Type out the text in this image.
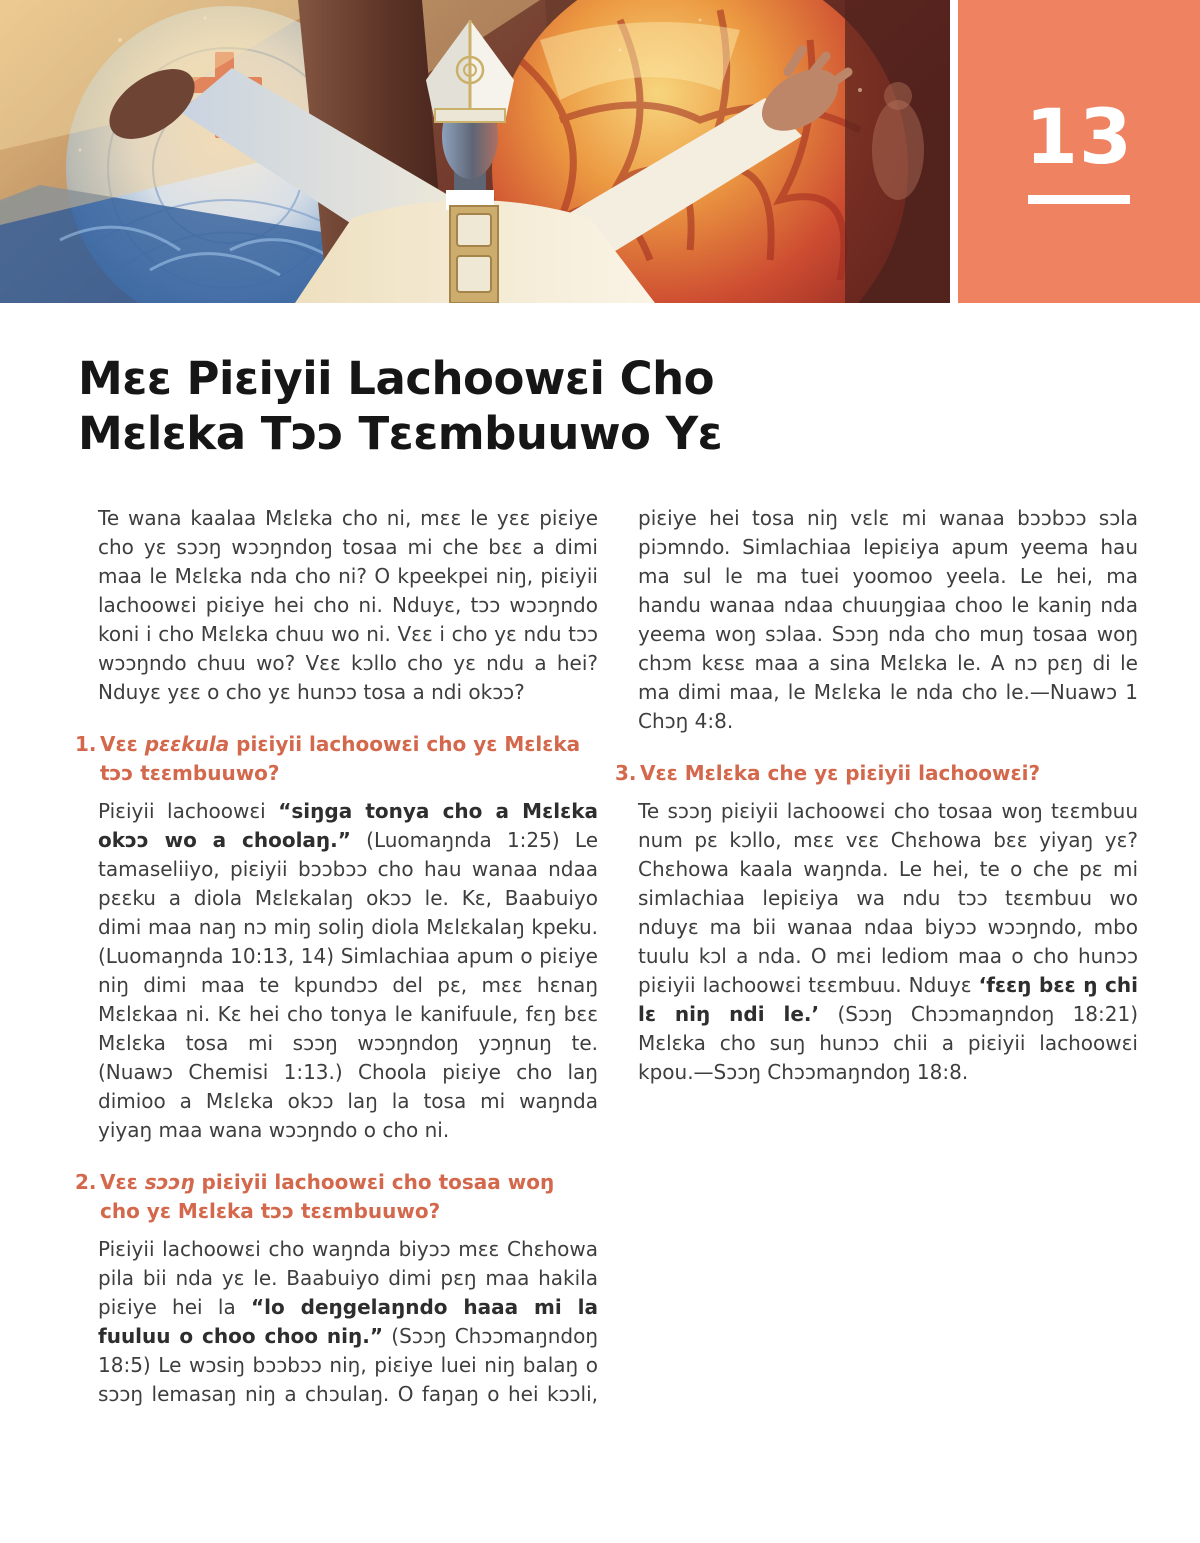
13
Mɛɛ Piɛiyii Lachoowɛi Cho
Mɛlɛka Tɔɔ Tɛɛmbuuwo Yɛ

Te wana kaalaa Mɛlɛka cho ni, mɛɛ le yɛɛ piɛiye cho yɛ sɔɔŋ wɔɔŋndoŋ tosaa mi che bɛɛ a dimi maa le Mɛlɛka nda cho ni? O kpeekpei niŋ, piɛiyii lachoowɛi piɛiye hei cho ni. Nduyɛ, tɔɔ wɔɔŋndo koni i cho Mɛlɛka chuu wo ni. Vɛɛ i cho yɛ ndu tɔɔ wɔɔŋndo chuu wo? Vɛɛ kɔllo cho yɛ ndu a hei? Nduyɛ yɛɛ o cho yɛ hunɔɔ tosa a ndi okɔɔ?

1. Vɛɛ pɛɛkula piɛiyii lachoowɛi cho yɛ Mɛlɛka tɔɔ tɛɛmbuuwo?

Piɛiyii lachoowɛi “siŋga tonya cho a Mɛlɛka okɔɔ wo a choolaŋ.” (Luomaŋnda 1:25) Le tamaseliiyo, piɛiyii bɔɔbɔɔ cho hau wanaa ndaa pɛɛku a diola Mɛlɛkalaŋ okɔɔ le. Kɛ, Baabuiyo dimi maa naŋ nɔ miŋ soliŋ diola Mɛlɛkalaŋ kpeku. (Luomaŋnda 10:13, 14) Simlachiaa apum o piɛiye niŋ dimi maa te kpundɔɔ del pɛ, mɛɛ hɛnaŋ Mɛlɛkaa ni. Kɛ hei cho tonya le kanifuule, fɛŋ bɛɛ Mɛlɛka tosa mi sɔɔŋ wɔɔŋndoŋ yɔŋnuŋ te. (Nuawɔ Chemisi 1:13.) Choola piɛiye cho laŋ dimioo a Mɛlɛka okɔɔ laŋ la tosa mi waŋnda yiyaŋ maa wana wɔɔŋndo o cho ni.

2. Vɛɛ sɔɔŋ piɛiyii lachoowɛi cho tosaa woŋ cho yɛ Mɛlɛka tɔɔ tɛɛmbuuwo?

Piɛiyii lachoowɛi cho waŋnda biyɔɔ mɛɛ Chɛhowa pila bii nda yɛ le. Baabuiyo dimi pɛŋ maa hakila piɛiye hei la “lo deŋgelaŋndo haaa mi la fuuluu o choo choo niŋ.” (Sɔɔŋ Chɔɔmaŋndoŋ 18:5) Le wɔsiŋ bɔɔbɔɔ niŋ, piɛiye luei niŋ balaŋ o sɔɔŋ lemasaŋ niŋ a chɔulaŋ. O faŋaŋ o hei kɔɔli, piɛiye hei tosa niŋ vɛlɛ mi wanaa bɔɔbɔɔ sɔla piɔmndo. Simlachiaa lepiɛiya apum yeema hau ma sul le ma tuei yoomoo yeela. Le hei, ma handu wanaa ndaa chuuŋgiaa choo le kaniŋ nda yeema woŋ sɔlaa. Sɔɔŋ nda cho muŋ tosaa woŋ chɔm kɛsɛ maa a sina Mɛlɛka le. A nɔ pɛŋ di le ma dimi maa, le Mɛlɛka le nda cho le.—Nuawɔ 1 Chɔŋ 4:8.

3. Vɛɛ Mɛlɛka che yɛ piɛiyii lachoowɛi?

Te sɔɔŋ piɛiyii lachoowɛi cho tosaa woŋ tɛɛmbuu num pɛ kɔllo, mɛɛ vɛɛ Chɛhowa bɛɛ yiyaŋ yɛ? Chɛhowa kaala waŋnda. Le hei, te o che pɛ mi simlachiaa lepiɛiya wa ndu tɔɔ tɛɛmbuu wo nduyɛ ma bii wanaa ndaa biyɔɔ wɔɔŋndo, mbo tuulu kɔl a nda. O mɛi lediom maa o cho hunɔɔ piɛiyii lachoowɛi tɛɛmbuu. Nduyɛ ‘fɛɛŋ bɛɛ ŋ chi lɛ niŋ ndi le.’ (Sɔɔŋ Chɔɔmaŋndoŋ 18:21) Mɛlɛka cho suŋ hunɔɔ chii a piɛiyii lachoowɛi kpou.—Sɔɔŋ Chɔɔmaŋndoŋ 18:8.
